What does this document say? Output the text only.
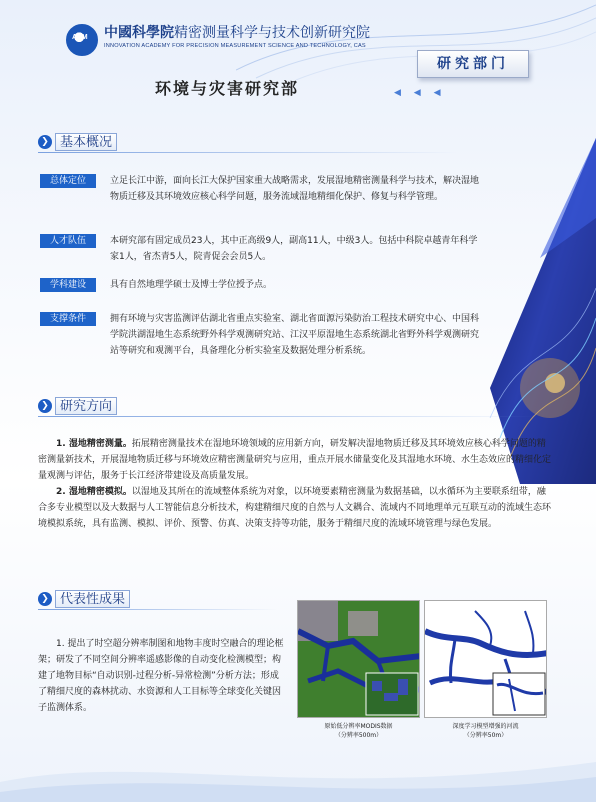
APM 中國科學院精密测量科学与技术创新研究院
INNOVATION ACADEMY FOR PRECISION MEASUREMENT SCIENCE AND TECHNOLOGY, CAS
研究部门
环境与灾害研究部	◀ ◀ ◀
❯ 基本概况
总体定位	立足长江中游，面向长江大保护国家重大战略需求，发展湿地精密测量科学与技术，解决湿地物质迁移及其环境效应核心科学问题，服务流域湿地精细化保护、修复与科学管理。
人才队伍	本研究部有固定成员23人，其中正高级9人，副高11人，中级3人。包括中科院卓越青年科学家1人，省杰青5人，院青促会会员5人。
学科建设	具有自然地理学硕士及博士学位授予点。
支撑条件	拥有环境与灾害监测评估湖北省重点实验室、湖北省面源污染防治工程技术研究中心、中国科学院洪湖湿地生态系统野外科学观测研究站、江汉平原湿地生态系统湖北省野外科学观测研究站等研究和观测平台，具备理化分析实验室及数据处理分析系统。
❯ 研究方向

1. 湿地精密测量。拓展精密测量技术在湿地环境领域的应用新方向，研发解决湿地物质迁移及其环境效应核心科学问题的精密测量新技术，开展湿地物质迁移与环境效应精密测量研究与应用，重点开展水储量变化及其湿地水环境、水生态效应的精细化定量观测与评估，服务于长江经济带建设及高质量发展。

2. 湿地精密模拟。以湿地及其所在的流域整体系统为对象，以环境要素精密测量为数据基础，以水循环为主要联系纽带，融合多专业模型以及大数据与人工智能信息分析技术，构建精细尺度的自然与人文耦合、流域内不同地理单元互联互动的流域生态环境模拟系统，具有监测、模拟、评价、预警、仿真、决策支持等功能，服务于精细尺度的流域环境管理与绿色发展。

❯ 代表性成果
1. 提出了时空超分辨率制图和地物丰度时空融合的理论框架；研发了不同空间分辨率遥感影像的自动变化检测模型；构建了地物目标“自动识别-过程分析-异常检测”分析方法；形成了精细尺度的森林扰动、水资源和人工目标等全球变化关键因子监测体系。
原始低分辨率MODIS数据
（分辨率500m）
深度学习模型增强的河流
（分辨率50m）
